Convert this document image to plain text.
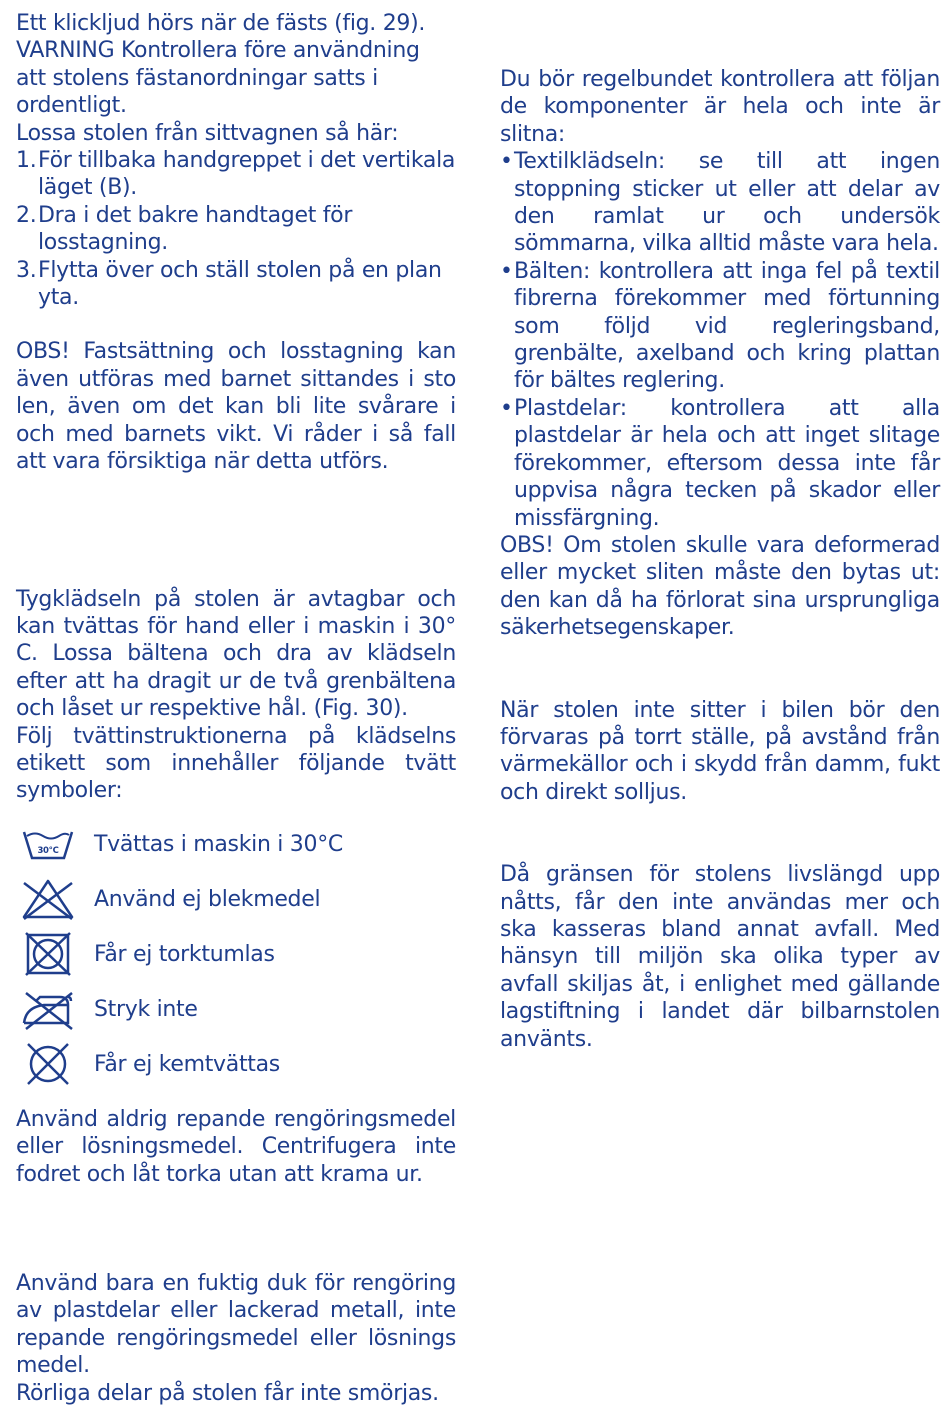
Ett klickljud hörs när de fästs (fig. 29).

VARNING Kontrollera före användning att stolens fästanordningar satts i ordentligt.

Lossa stolen från sittvagnen så här:

1. För tillbaka handgreppet i det vertikala läget (B).
2. Dra i det bakre handtaget för losstagning.
3. Flytta över och ställ stolen på en plan yta.

OBS! Fastsättning och losstagning kan även utföras med barnet sittandes i sto len, även om det kan bli lite svårare i och med barnets vikt. Vi råder i så fall att vara försiktiga när detta utförs.

Tygklädseln på stolen är avtagbar och kan tvättas för hand eller i maskin i 30° C. Lossa bältena och dra av klädseln efter att ha dragit ur de två grenbältena och låset ur respektive hål. (Fig. 30).

Följ tvättinstruktionerna på klädselns etikett som innehåller följande tvätt symboler:

30°C Tvättas i maskin i 30°C
Använd ej blekmedel
Får ej torktumlas
Stryk inte
Får ej kemtvättas

Använd aldrig repande rengöringsmedel eller lösningsmedel. Centrifugera inte fodret och låt torka utan att krama ur.

Använd bara en fuktig duk för rengöring av plastdelar eller lackerad metall, inte repande rengöringsmedel eller lösnings medel.

Rörliga delar på stolen får inte smörjas.

Du bör regelbundet kontrollera att följan de komponenter är hela och inte är slitna:

• Textilklädseln: se till att ingen stoppning sticker ut eller att delar av den ramlat ur och undersök sömmarna, vilka alltid måste vara hela.
• Bälten: kontrollera att inga fel på textil fibrerna förekommer med förtunning som följd vid regleringsband, grenbälte, axelband och kring plattan för bältes reglering.
• Plastdelar: kontrollera att alla plastdelar är hela och att inget slitage förekommer, eftersom dessa inte får uppvisa några tecken på skador eller missfärgning.

OBS! Om stolen skulle vara deformerad eller mycket sliten måste den bytas ut: den kan då ha förlorat sina ursprungliga säkerhetsegenskaper.

När stolen inte sitter i bilen bör den förvaras på torrt ställe, på avstånd från värmekällor och i skydd från damm, fukt och direkt solljus.

Då gränsen för stolens livslängd upp nåtts, får den inte användas mer och ska kasseras bland annat avfall. Med hänsyn till miljön ska olika typer av avfall skiljas åt, i enlighet med gällande lagstiftning i landet där bilbarnstolen använts.
